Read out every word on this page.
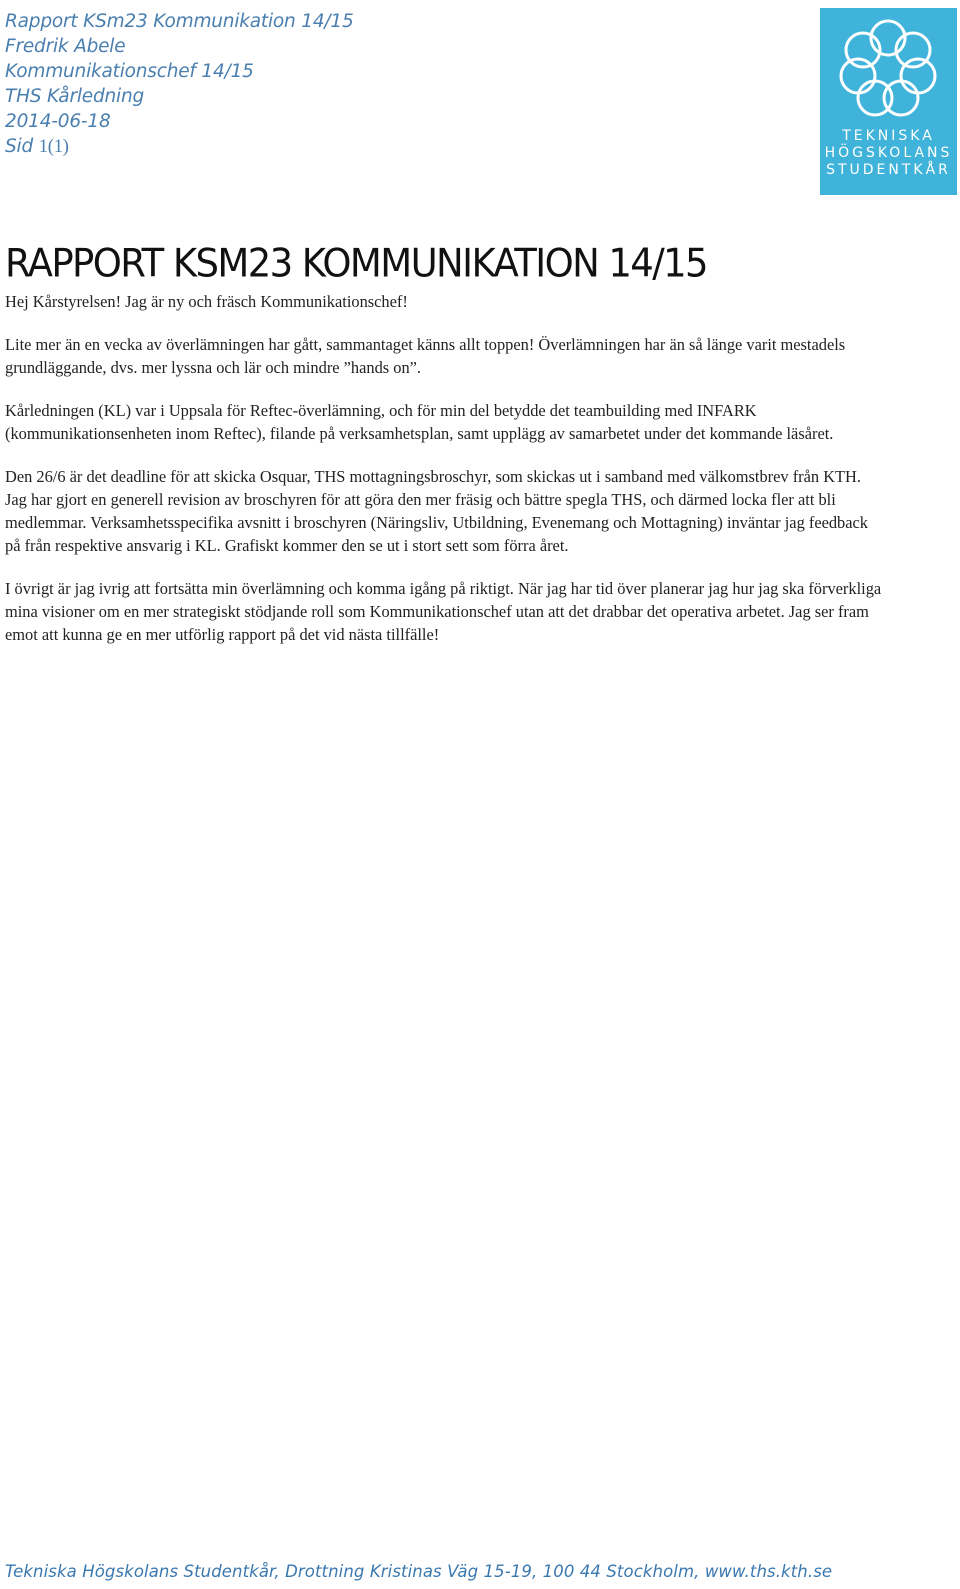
Rapport KSm23 Kommunikation 14/15
Fredrik Abele
Kommunikationschef 14/15
THS Kårledning
2014-06-18
Sid 1(1)
TEKNISKA
HÖGSKOLANS
STUDENTKÅR
RAPPORT KSM23 KOMMUNIKATION 14/15

Hej Kårstyrelsen! Jag är ny och fräsch Kommunikationschef!

Lite mer än en vecka av överlämningen har gått, sammantaget känns allt toppen! Överlämningen har än så länge varit mestadels grundläggande, dvs. mer lyssna och lär och mindre ”hands on”.

Kårledningen (KL) var i Uppsala för Reftec-överlämning, och för min del betydde det teambuilding med INFARK (kommunikationsenheten inom Reftec), filande på verksamhetsplan, samt upplägg av samarbetet under det kommande läsåret.

Den 26/6 är det deadline för att skicka Osquar, THS mottagningsbroschyr, som skickas ut i samband med välkomstbrev från KTH. Jag har gjort en generell revision av broschyren för att göra den mer fräsig och bättre spegla THS, och därmed locka fler att bli medlemmar. Verksamhetsspecifika avsnitt i broschyren (Näringsliv, Utbildning, Evenemang och Mottagning) inväntar jag feedback på från respektive ansvarig i KL. Grafiskt kommer den se ut i stort sett som förra året.

I övrigt är jag ivrig att fortsätta min överlämning och komma igång på riktigt. När jag har tid över planerar jag hur jag ska förverkliga mina visioner om en mer strategiskt stödjande roll som Kommunikationschef utan att det drabbar det operativa arbetet. Jag ser fram emot att kunna ge en mer utförlig rapport på det vid nästa tillfälle!

Tekniska Högskolans Studentkår, Drottning Kristinas Väg 15-19, 100 44 Stockholm, www.ths.kth.se
